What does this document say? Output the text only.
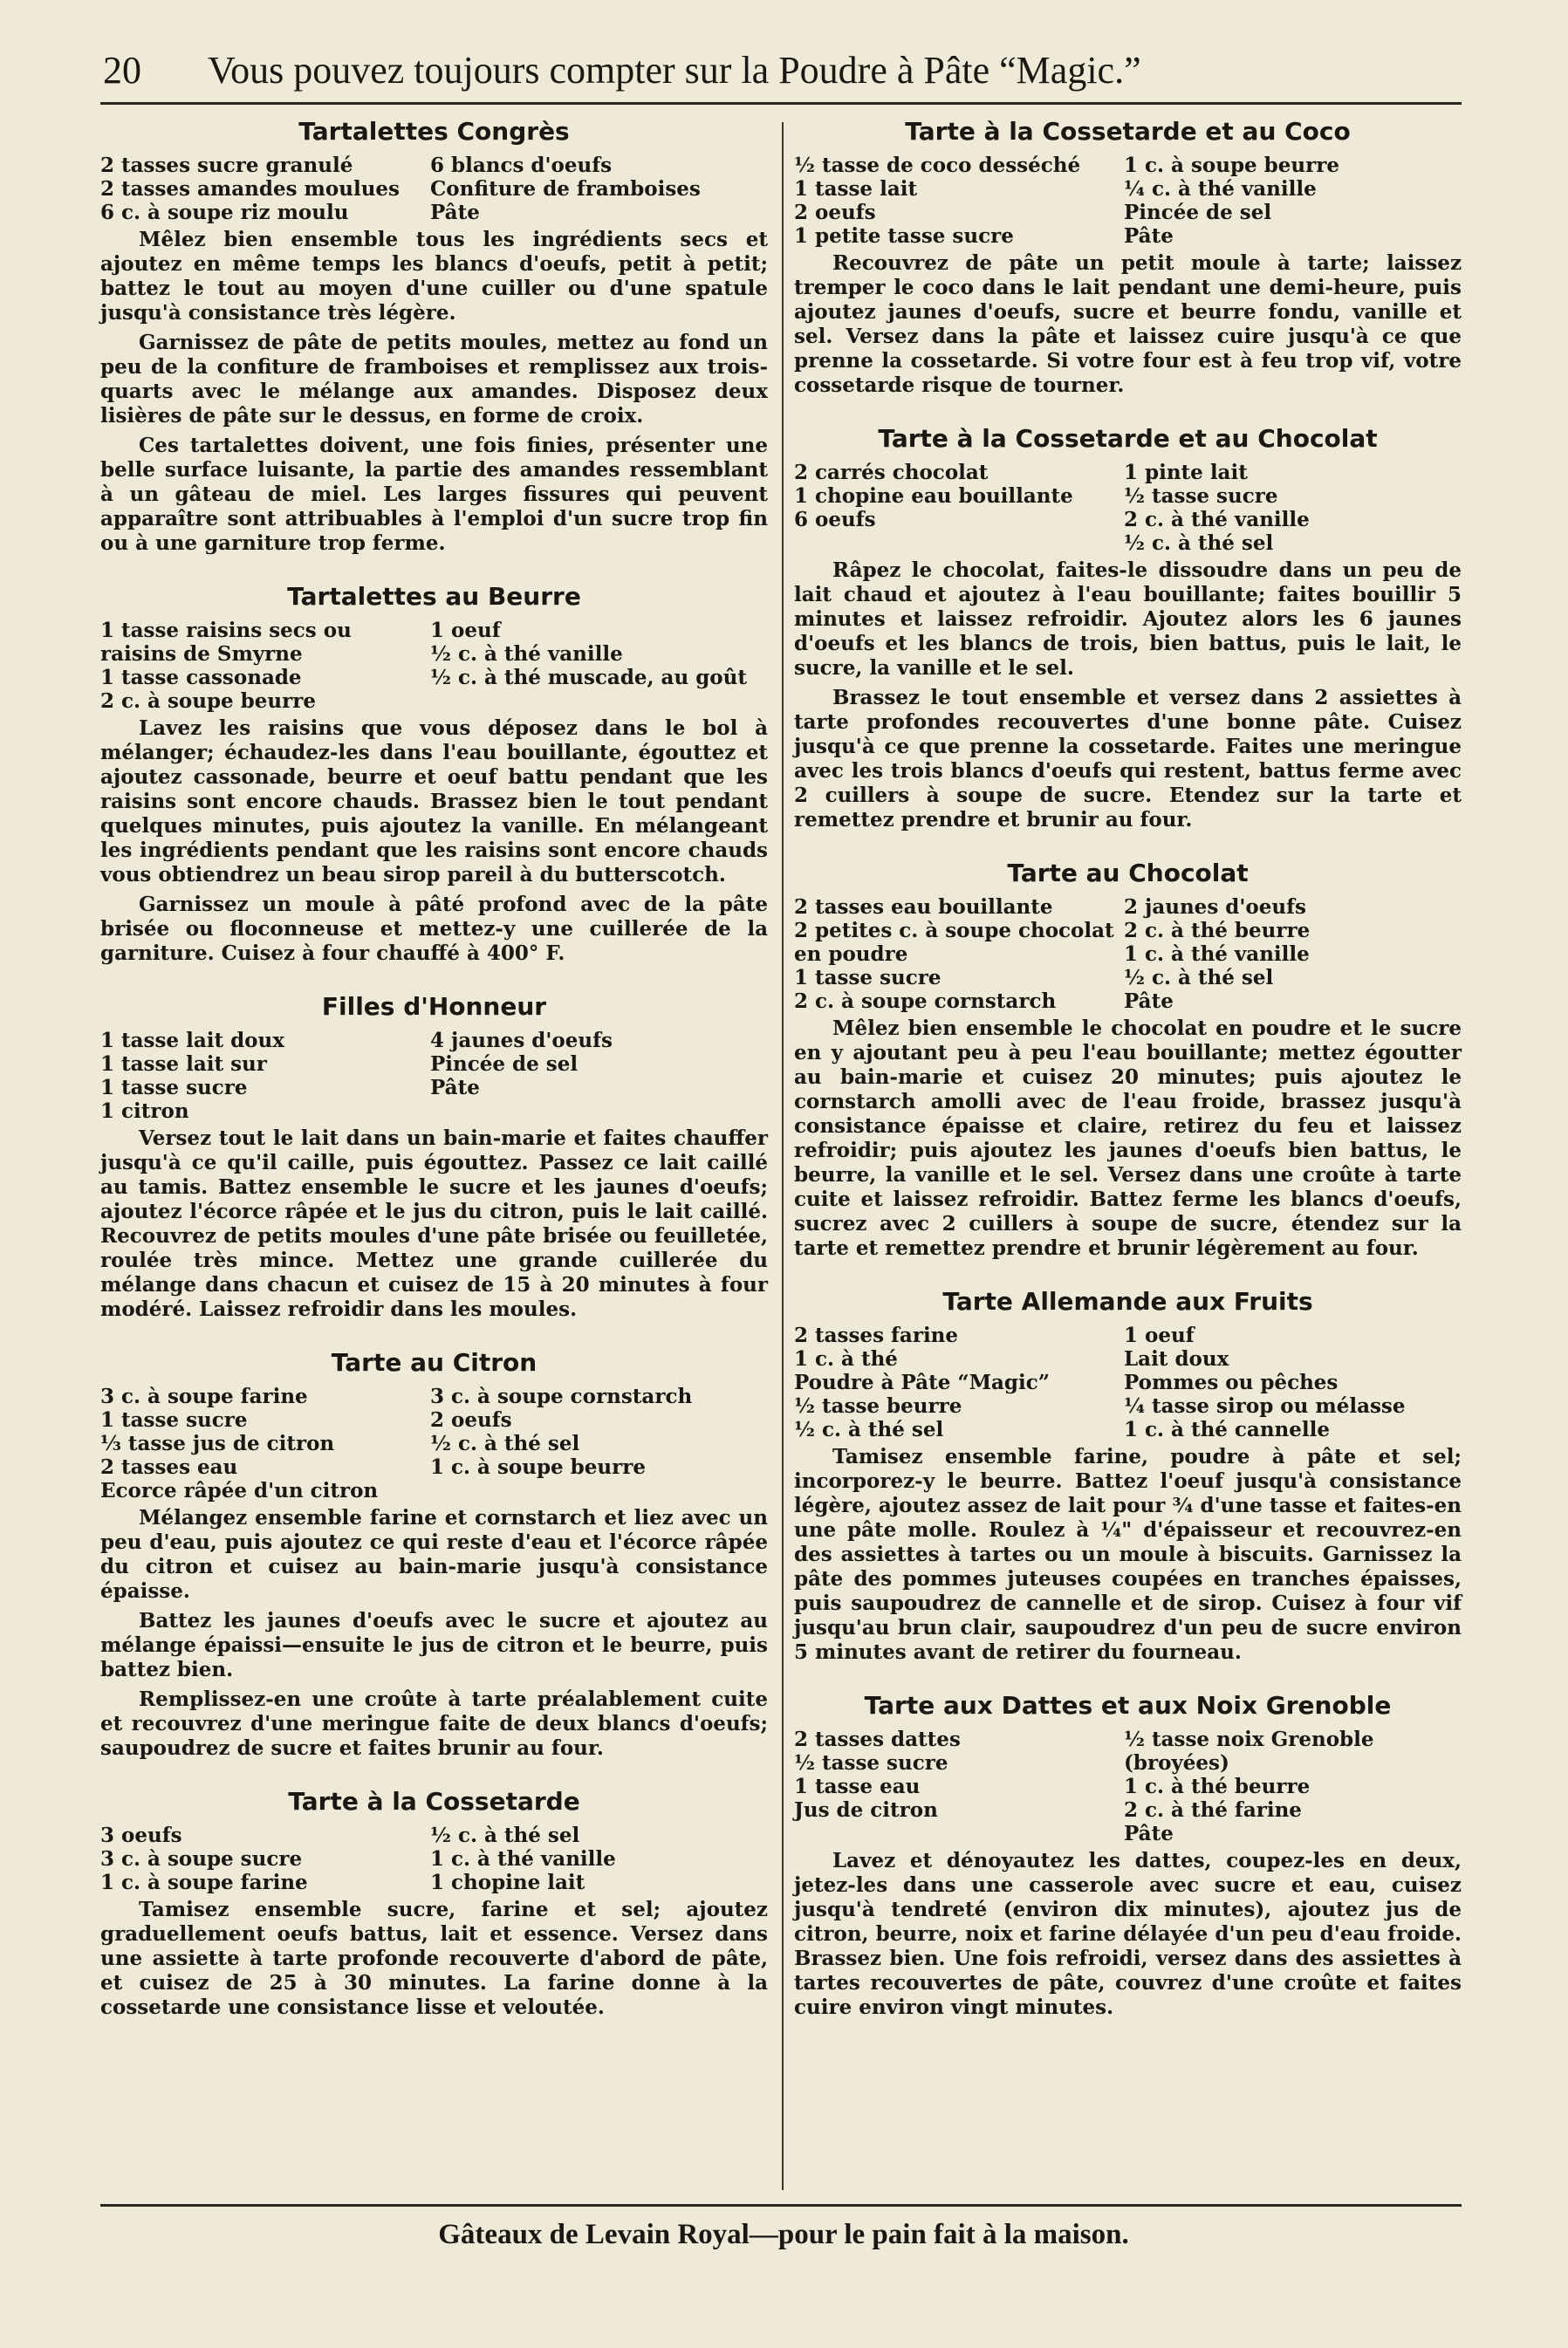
20 Vous pouvez toujours compter sur la Poudre à Pâte “Magic.”
Tartalettes Congrès
2 tasses sucre granulé
2 tasses amandes moulues
6 c. à soupe riz moulu
6 blancs d'oeufs
Confiture de framboises
Pâte

Mêlez bien ensemble tous les ingrédients secs et ajoutez en même temps les blancs d'oeufs, petit à petit; battez le tout au moyen d'une cuiller ou d'une spatule jusqu'à consistance très légère.

Garnissez de pâte de petits moules, mettez au fond un peu de la confiture de framboises et remplissez aux trois-quarts avec le mélange aux amandes. Disposez deux lisières de pâte sur le dessus, en forme de croix.

Ces tartalettes doivent, une fois finies, présenter une belle surface luisante, la partie des amandes ressemblant à un gâteau de miel. Les larges fissures qui peuvent apparaître sont attribuables à l'emploi d'un sucre trop fin ou à une garniture trop ferme.

Tartalettes au Beurre
1 tasse raisins secs ou raisins de Smyrne
1 tasse cassonade
2 c. à soupe beurre
1 oeuf
½ c. à thé vanille
½ c. à thé muscade, au goût

Lavez les raisins que vous déposez dans le bol à mélanger; échaudez-les dans l'eau bouillante, égouttez et ajoutez cassonade, beurre et oeuf battu pendant que les raisins sont encore chauds. Brassez bien le tout pendant quelques minutes, puis ajoutez la vanille. En mélangeant les ingrédients pendant que les raisins sont encore chauds vous obtiendrez un beau sirop pareil à du butterscotch.

Garnissez un moule à pâté profond avec de la pâte brisée ou floconneuse et mettez-y une cuillerée de la garniture. Cuisez à four chauffé à 400° F.

Filles d'Honneur
1 tasse lait doux
1 tasse lait sur
1 tasse sucre
1 citron
4 jaunes d'oeufs
Pincée de sel
Pâte

Versez tout le lait dans un bain-marie et faites chauffer jusqu'à ce qu'il caille, puis égouttez. Passez ce lait caillé au tamis. Battez ensemble le sucre et les jaunes d'oeufs; ajoutez l'écorce râpée et le jus du citron, puis le lait caillé. Recouvrez de petits moules d'une pâte brisée ou feuilletée, roulée très mince. Mettez une grande cuillerée du mélange dans chacun et cuisez de 15 à 20 minutes à four modéré. Laissez refroidir dans les moules.

Tarte au Citron
3 c. à soupe farine
1 tasse sucre
⅓ tasse jus de citron
2 tasses eau
Ecorce râpée d'un citron
3 c. à soupe cornstarch
2 oeufs
½ c. à thé sel
1 c. à soupe beurre

Mélangez ensemble farine et cornstarch et liez avec un peu d'eau, puis ajoutez ce qui reste d'eau et l'écorce râpée du citron et cuisez au bain-marie jusqu'à consistance épaisse.

Battez les jaunes d'oeufs avec le sucre et ajoutez au mélange épaissi—ensuite le jus de citron et le beurre, puis battez bien.

Remplissez-en une croûte à tarte préalablement cuite et recouvrez d'une meringue faite de deux blancs d'oeufs; saupoudrez de sucre et faites brunir au four.

Tarte à la Cossetarde
3 oeufs
3 c. à soupe sucre
1 c. à soupe farine
½ c. à thé sel
1 c. à thé vanille
1 chopine lait

Tamisez ensemble sucre, farine et sel; ajoutez graduellement oeufs battus, lait et essence. Versez dans une assiette à tarte profonde recouverte d'abord de pâte, et cuisez de 25 à 30 minutes. La farine donne à la cossetarde une consistance lisse et veloutée.

Tarte à la Cossetarde et au Coco
½ tasse de coco desséché
1 tasse lait
2 oeufs
1 petite tasse sucre
1 c. à soupe beurre
¼ c. à thé vanille
Pincée de sel
Pâte

Recouvrez de pâte un petit moule à tarte; laissez tremper le coco dans le lait pendant une demi-heure, puis ajoutez jaunes d'oeufs, sucre et beurre fondu, vanille et sel. Versez dans la pâte et laissez cuire jusqu'à ce que prenne la cossetarde. Si votre four est à feu trop vif, votre cossetarde risque de tourner.

Tarte à la Cossetarde et au Chocolat
2 carrés chocolat
1 chopine eau bouillante
6 oeufs
1 pinte lait
½ tasse sucre
2 c. à thé vanille
½ c. à thé sel

Râpez le chocolat, faites-le dissoudre dans un peu de lait chaud et ajoutez à l'eau bouillante; faites bouillir 5 minutes et laissez refroidir. Ajoutez alors les 6 jaunes d'oeufs et les blancs de trois, bien battus, puis le lait, le sucre, la vanille et le sel.

Brassez le tout ensemble et versez dans 2 assiettes à tarte profondes recouvertes d'une bonne pâte. Cuisez jusqu'à ce que prenne la cossetarde. Faites une meringue avec les trois blancs d'oeufs qui restent, battus ferme avec 2 cuillers à soupe de sucre. Etendez sur la tarte et remettez prendre et brunir au four.

Tarte au Chocolat
2 tasses eau bouillante
2 petites c. à soupe chocolat en poudre
1 tasse sucre
2 c. à soupe cornstarch
2 jaunes d'oeufs
2 c. à thé beurre
1 c. à thé vanille
½ c. à thé sel
Pâte

Mêlez bien ensemble le chocolat en poudre et le sucre en y ajoutant peu à peu l'eau bouillante; mettez égoutter au bain-marie et cuisez 20 minutes; puis ajoutez le cornstarch amolli avec de l'eau froide, brassez jusqu'à consistance épaisse et claire, retirez du feu et laissez refroidir; puis ajoutez les jaunes d'oeufs bien battus, le beurre, la vanille et le sel. Versez dans une croûte à tarte cuite et laissez refroidir. Battez ferme les blancs d'oeufs, sucrez avec 2 cuillers à soupe de sucre, étendez sur la tarte et remettez prendre et brunir légèrement au four.

Tarte Allemande aux Fruits
2 tasses farine
1 c. à thé
Poudre à Pâte “Magic”
½ tasse beurre
½ c. à thé sel
1 oeuf
Lait doux
Pommes ou pêches
¼ tasse sirop ou mélasse
1 c. à thé cannelle

Tamisez ensemble farine, poudre à pâte et sel; incorporez-y le beurre. Battez l'oeuf jusqu'à consistance légère, ajoutez assez de lait pour ¾ d'une tasse et faites-en une pâte molle. Roulez à ¼" d'épaisseur et recouvrez-en des assiettes à tartes ou un moule à biscuits. Garnissez la pâte des pommes juteuses coupées en tranches épaisses, puis saupoudrez de cannelle et de sirop. Cuisez à four vif jusqu'au brun clair, saupoudrez d'un peu de sucre environ 5 minutes avant de retirer du fourneau.

Tarte aux Dattes et aux Noix Grenoble
2 tasses dattes
½ tasse sucre
1 tasse eau
Jus de citron
½ tasse noix Grenoble (broyées)
1 c. à thé beurre
2 c. à thé farine
Pâte

Lavez et dénoyautez les dattes, coupez-les en deux, jetez-les dans une casserole avec sucre et eau, cuisez jusqu'à tendreté (environ dix minutes), ajoutez jus de citron, beurre, noix et farine délayée d'un peu d'eau froide. Brassez bien. Une fois refroidi, versez dans des assiettes à tartes recouvertes de pâte, couvrez d'une croûte et faites cuire environ vingt minutes.

Gâteaux de Levain Royal—pour le pain fait à la maison.
